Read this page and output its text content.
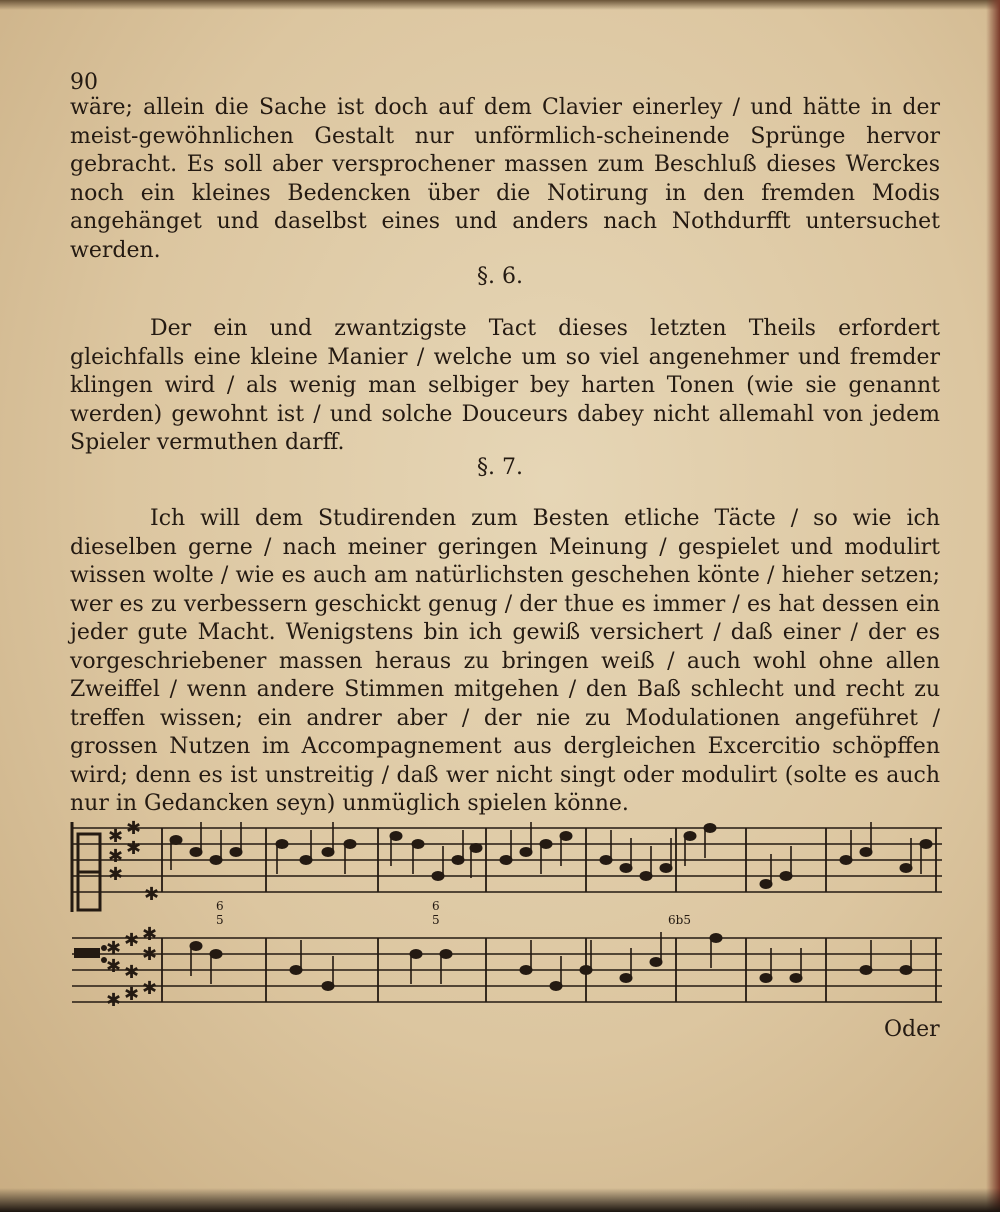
90

wäre; allein die Sache ist doch auf dem Clavier einerley / und hätte in der meist-gewöhnlichen Gestalt nur unförmlich-scheinende Sprünge hervor gebracht. Es soll aber versprochener massen zum Beschluß dieses Werckes noch ein kleines Bedencken über die Notirung in den fremden Modis angehänget und daselbst eines und anders nach Nothdurfft untersuchet werden.

§. 6.

Der ein und zwantzigste Tact dieses letzten Theils erfordert gleichfalls eine kleine Manier / welche um so viel angenehmer und fremder klingen wird / als wenig man selbiger bey harten Tonen (wie sie genannt werden) gewohnt ist / und solche Douceurs dabey nicht allemahl von jedem Spieler vermuthen darff.

§. 7.

Ich will dem Studirenden zum Besten etliche Täcte / so wie ich dieselben gerne / nach meiner geringen Meinung / gespielet und modulirt wissen wolte / wie es auch am natürlichsten geschehen könte / hieher setzen; wer es zu verbessern geschickt genug / der thue es immer / es hat dessen ein jeder gute Macht. Wenigstens bin ich gewiß versichert / daß einer / der es vorgeschriebener massen heraus zu bringen weiß / auch wohl ohne allen Zweiffel / wenn andere Stimmen mitgehen / den Baß schlecht und recht zu treffen wissen; ein andrer aber / der nie zu Modulationen angeführet / grossen Nutzen im Accompagnement aus dergleichen Excercitio schöpffen wird; denn es ist unstreitig / daß wer nicht singt oder modulirt (solte es auch nur in Gedancken seyn) unmüglich spielen könne.

✱ ✱
✱ ✱
✱
✱
✱ ✱ ✱
✱ ✱
✱
✱ ✱ ✱
6
5
6
5	6b5
Oder
